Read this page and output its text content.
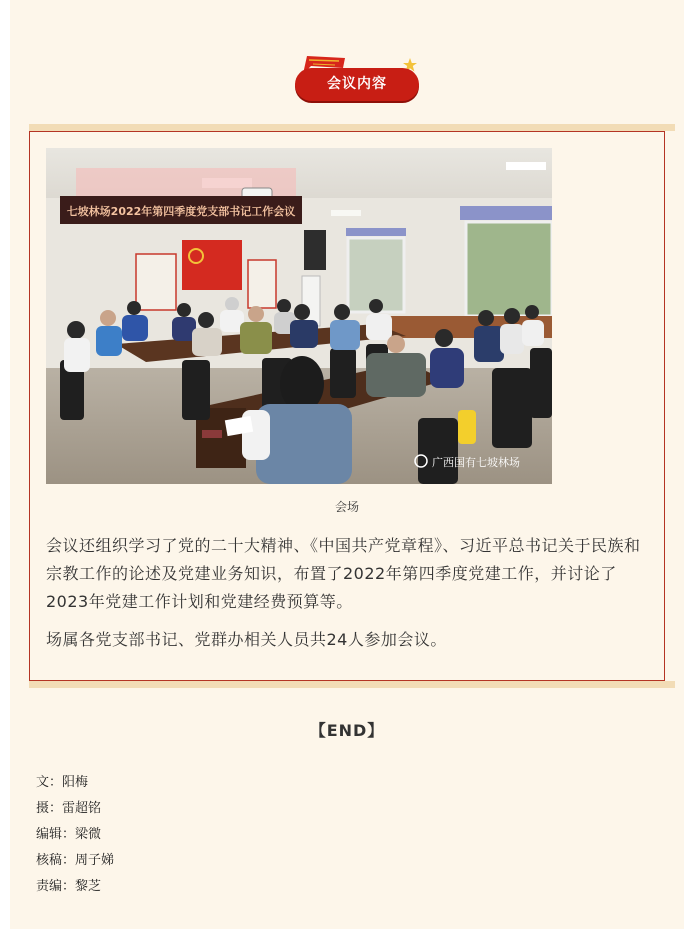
会议内容
七坡林场2022年第四季度党支部书记工作会议
广西国有七坡林场
会场

会议还组织学习了党的二十大精神、《中国共产党章程》、习近平总书记关于民族和宗教工作的论述及党建业务知识，布置了2022年第四季度党建工作，并讨论了2023年党建工作计划和党建经费预算等。

场属各党支部书记、党群办相关人员共24人参加会议。

【END】
文：阳梅
摄：雷超铭
编辑：梁微
核稿：周子娣
责编：黎芝
